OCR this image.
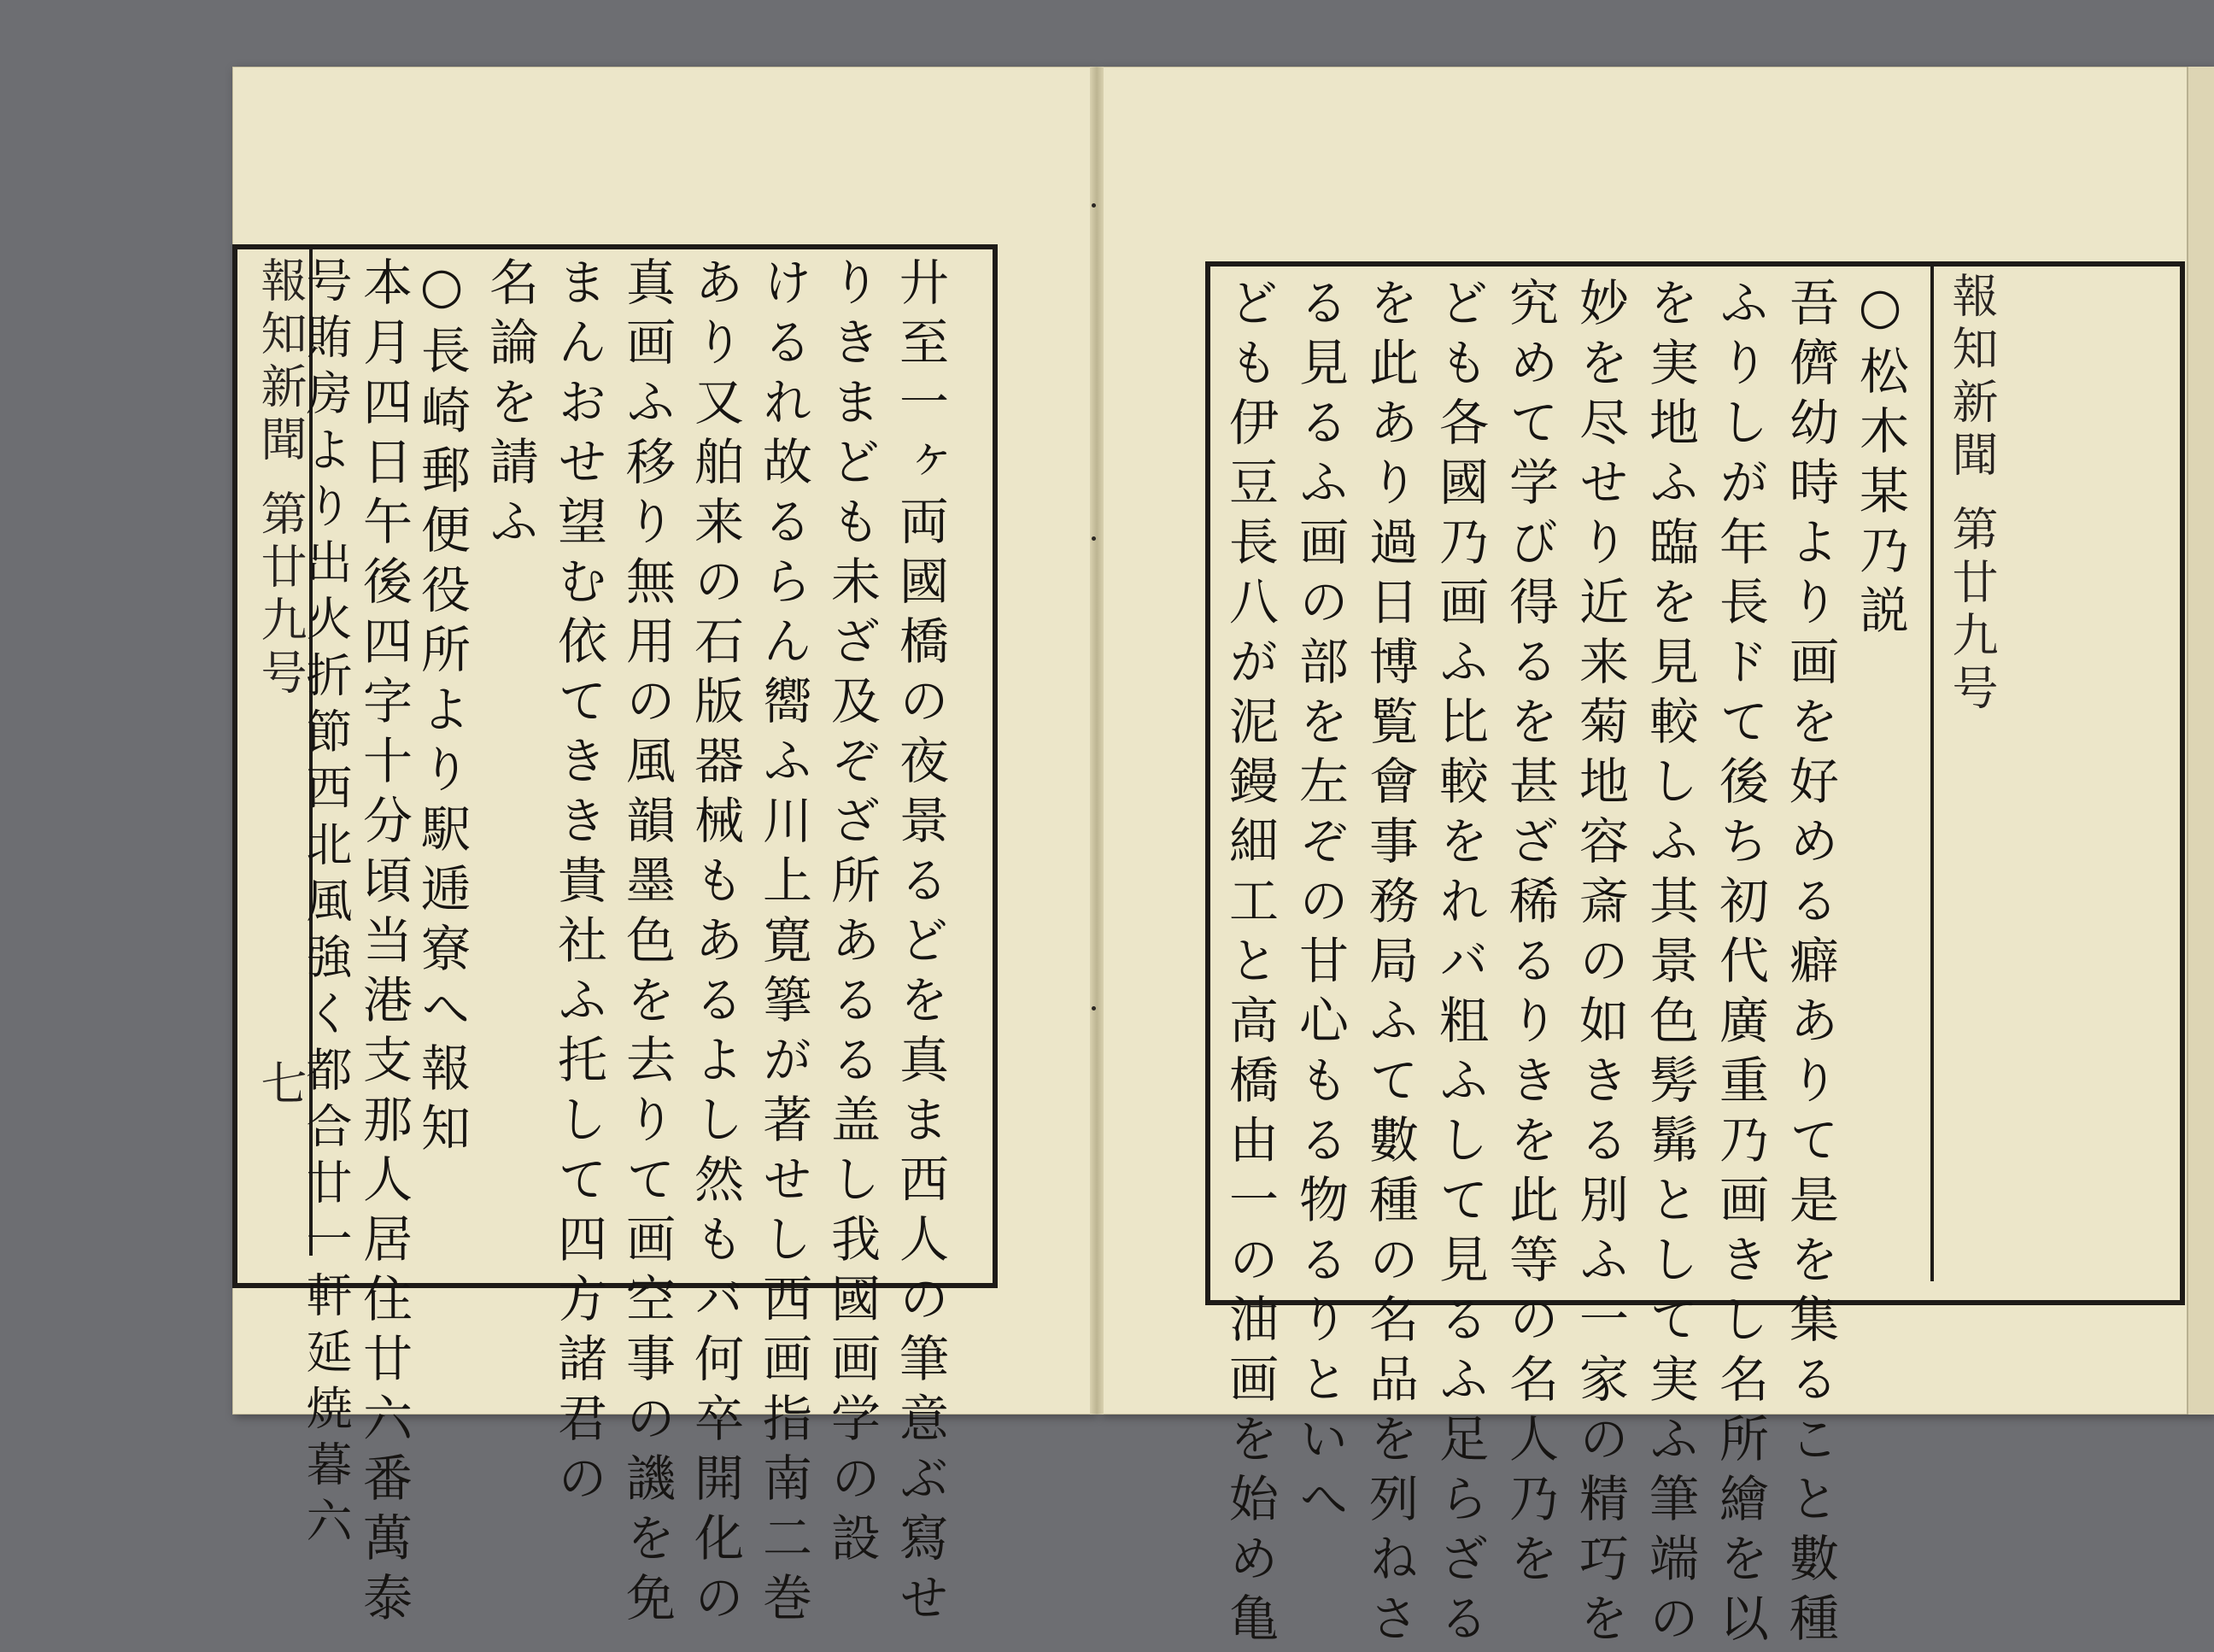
報知新聞 第廿九号
七	廾至一ヶ両國橋の夜景るどを真ま西人の筆意ぶ寫せ
りきまども未ざ及ぞざ所あるる盖し我國画学の設
けるれ故るらん嚮ふ川上寛篫が著せし西画指南二巻
あり又舶来の石版器械もあるよし然もバ何卒開化の
真画ふ移り無用の風韻墨色を去りて画空事の譏を免
まんおせ望む依てきき貴社ふ托して四方諸君の
名論を請ふ
○長崎郵便役所より駅逓寮へ報知
本月四日午後四字十分頃当港支那人居住廿六番萬泰
号賄房より出火折節西北風強く都合廿一軒延焼暮六	報知新聞 第廿九号
○松木某乃説
吾儕幼時より画を好める癖ありて是を集ること數種
ふりしが年長ドて後ち初代廣重乃画きし名所繪を以
を実地ふ臨を見較しふ其景色髣髴として実ふ筆端の
妙を尽せり近来菊地容斎の如きる別ふ一家の精巧を
究めて学び得るを甚ざ稀るりきを此等の名人乃を
ども各國乃画ふ比較をれバ粗ふして見るふ足らざる
を此あり過日博覧會事務局ふて數種の名品を列ねさ
る見るふ画の部を左ぞの甘心もる物るりといへ
ども伊豆長八が泥鏝細工と高橋由一の油画を始め亀
